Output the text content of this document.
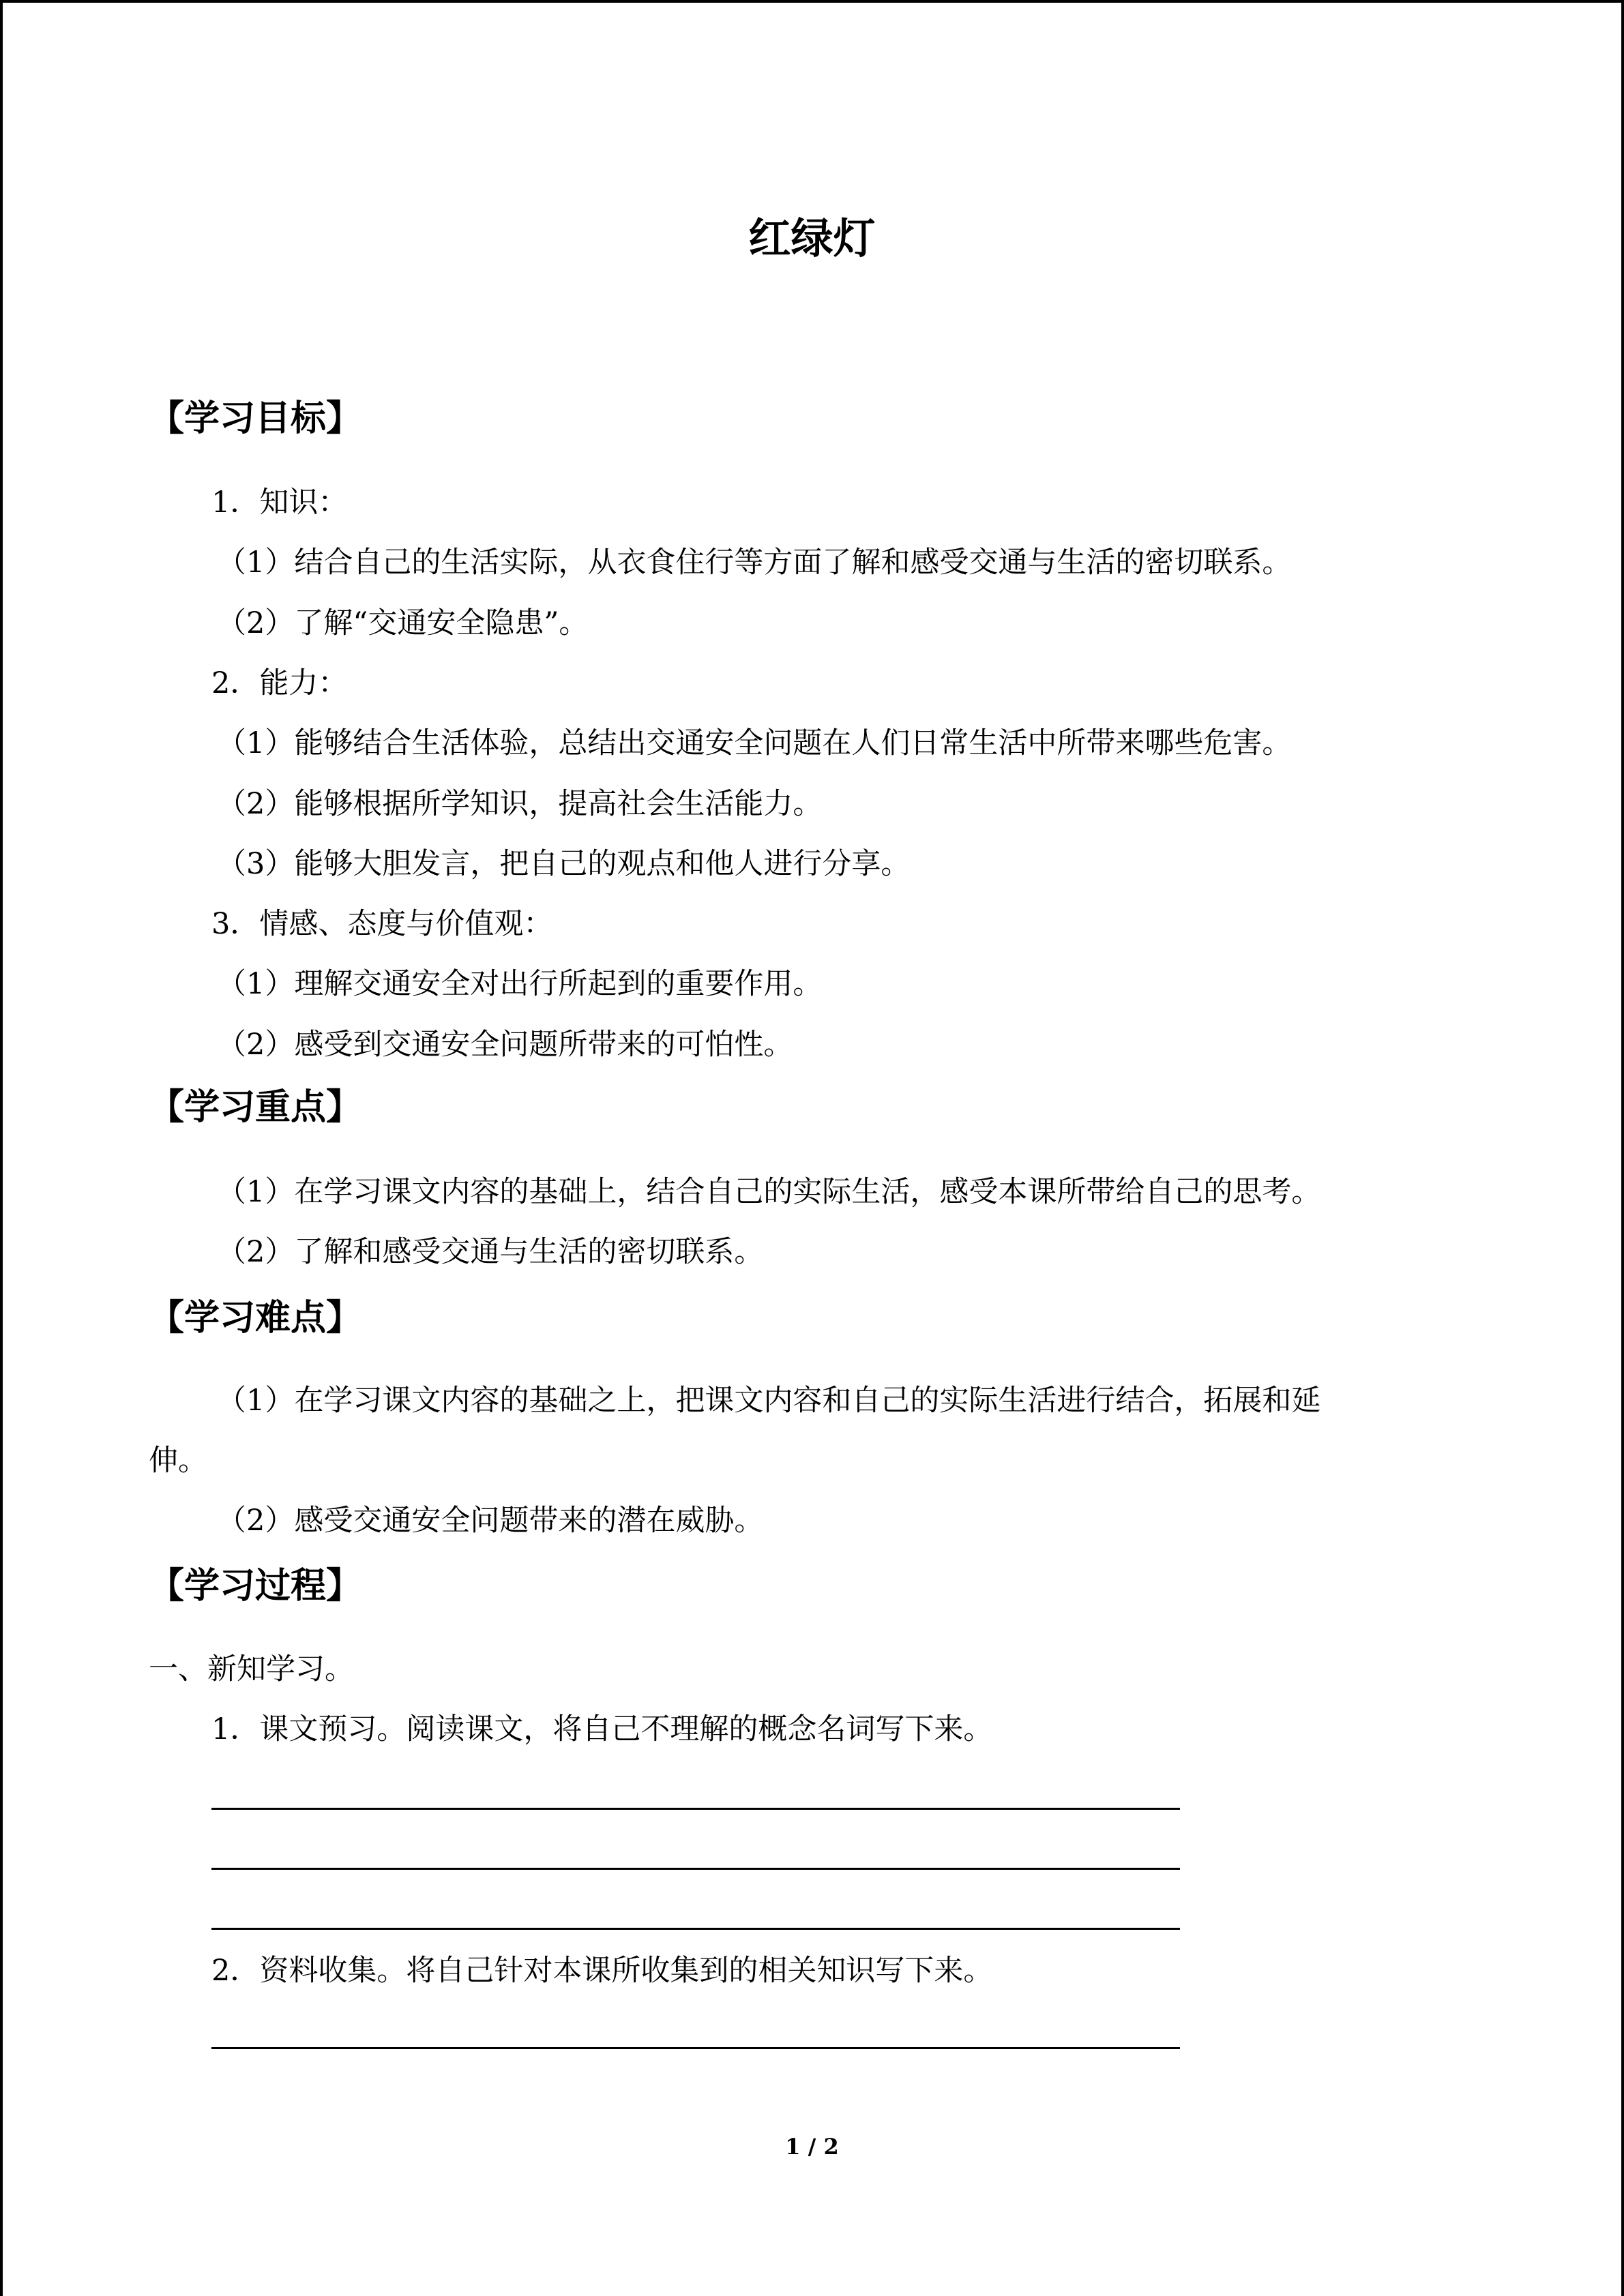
红绿灯
【学习目标】

1．知识：

（1）结合自己的生活实际，从衣食住行等方面了解和感受交通与生活的密切联系。

（2）了解“交通安全隐患”。

2．能力：

（1）能够结合生活体验，总结出交通安全问题在人们日常生活中所带来哪些危害。

（2）能够根据所学知识，提高社会生活能力。

（3）能够大胆发言，把自己的观点和他人进行分享。

3．情感、态度与价值观：

（1）理解交通安全对出行所起到的重要作用。

（2）感受到交通安全问题所带来的可怕性。

【学习重点】

（1）在学习课文内容的基础上，结合自己的实际生活，感受本课所带给自己的思考。

（2）了解和感受交通与生活的密切联系。

【学习难点】

（1）在学习课文内容的基础之上，把课文内容和自己的实际生活进行结合，拓展和延

伸。

（2）感受交通安全问题带来的潜在威胁。

【学习过程】

一、新知学习。

1．课文预习。阅读课文，将自己不理解的概念名词写下来。

2．资料收集。将自己针对本课所收集到的相关知识写下来。

1 / 2
